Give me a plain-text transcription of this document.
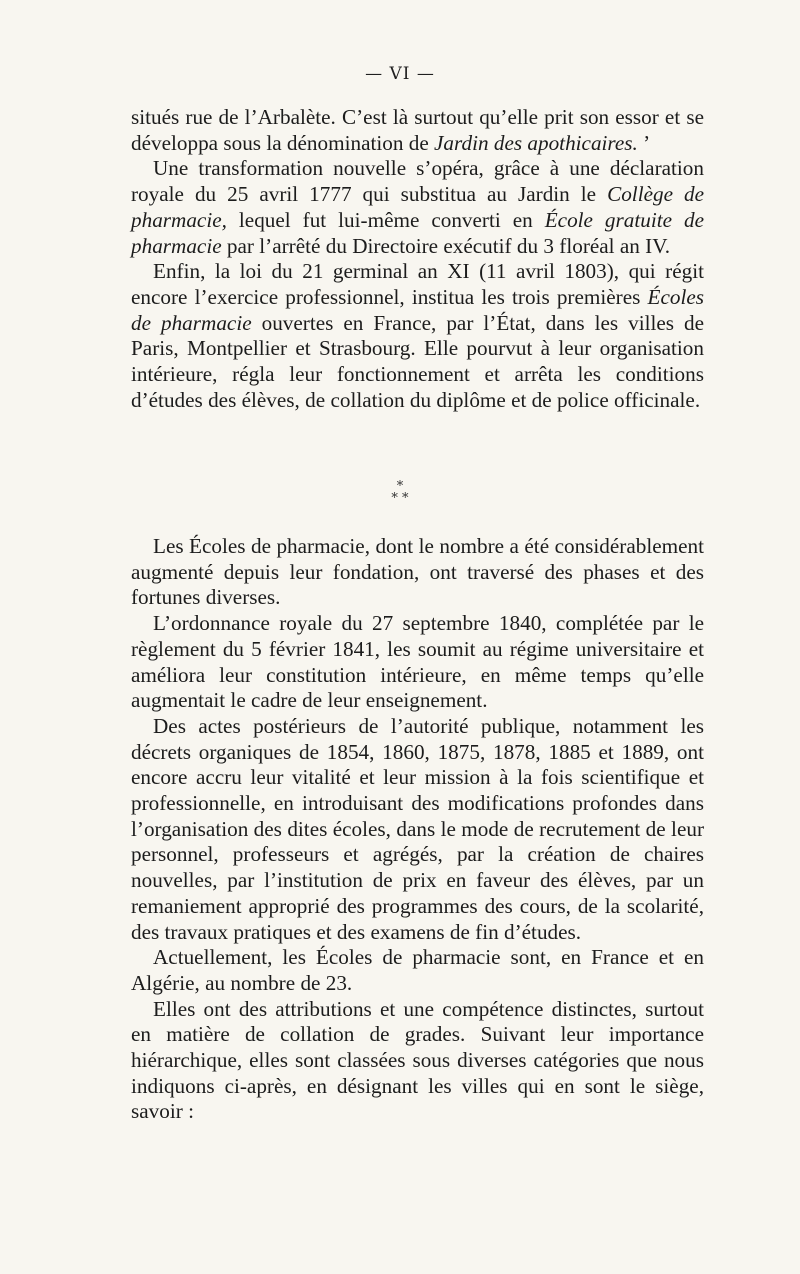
— VI —

situés rue de l’Arbalète. C’est là surtout qu’elle prit son essor et se développa sous la dénomination de Jardin des apothicaires. ’

Une transformation nouvelle s’opéra, grâce à une déclaration royale du 25 avril 1777 qui substitua au Jardin le Collège de pharmacie, lequel fut lui-même converti en École gratuite de pharmacie par l’arrêté du Directoire exécutif du 3 floréal an IV.

Enfin, la loi du 21 germinal an XI (11 avril 1803), qui régit encore l’exercice professionnel, institua les trois premières Écoles de pharmacie ouvertes en France, par l’État, dans les villes de Paris, Montpellier et Strasbourg. Elle pourvut à leur organisation intérieure, régla leur fonctionnement et arrêta les conditions d’études des élèves, de collation du diplôme et de police officinale.

*
* *

Les Écoles de pharmacie, dont le nombre a été considérablement augmenté depuis leur fondation, ont traversé des phases et des fortunes diverses.

L’ordonnance royale du 27 septembre 1840, complétée par le règlement du 5 février 1841, les soumit au régime universitaire et améliora leur constitution intérieure, en même temps qu’elle augmentait le cadre de leur enseignement.

Des actes postérieurs de l’autorité publique, notamment les décrets organiques de 1854, 1860, 1875, 1878, 1885 et 1889, ont encore accru leur vitalité et leur mission à la fois scientifique et professionnelle, en introduisant des modifications profondes dans l’organisation des dites écoles, dans le mode de recrutement de leur personnel, professeurs et agrégés, par la création de chaires nouvelles, par l’institution de prix en faveur des élèves, par un remaniement approprié des programmes des cours, de la scolarité, des travaux pratiques et des examens de fin d’études.

Actuellement, les Écoles de pharmacie sont, en France et en Algérie, au nombre de 23.

Elles ont des attributions et une compétence distinctes, surtout en matière de collation de grades. Suivant leur importance hiérarchique, elles sont classées sous diverses catégories que nous indiquons ci-après, en désignant les villes qui en sont le siège, savoir :
